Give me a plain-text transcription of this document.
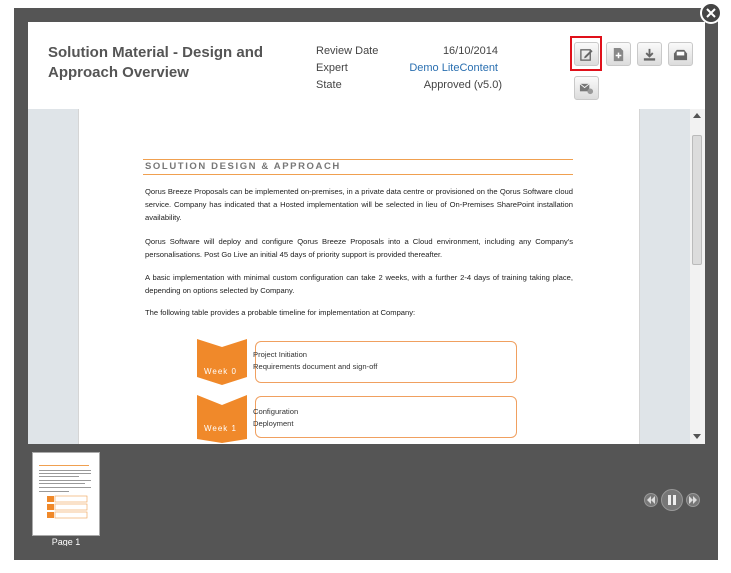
Solution Material - Design and Approach Overview
Review Date	16/10/2014
Expert	Demo LiteContent
State	Approved (v5.0)
SOLUTION DESIGN & APPROACH
Qorus Breeze Proposals can be implemented on-premises, in a private data centre or provisioned on the Qorus Software cloud service. Company has indicated that a Hosted implementation will be selected in lieu of On-Premises SharePoint installation availability.
Qorus Software will deploy and configure Qorus Breeze Proposals into a Cloud environment, including any Company's personalisations. Post Go Live an initial 45 days of priority support is provided thereafter.
A basic implementation with minimal custom configuration can take 2 weeks, with a further 2-4 days of training taking place, depending on options selected by Company.
The following table provides a probable timeline for implementation at Company:
Week 0
Project Initiation
Requirements document and sign-off
Week 1
Configuration
Deployment
Page 1
